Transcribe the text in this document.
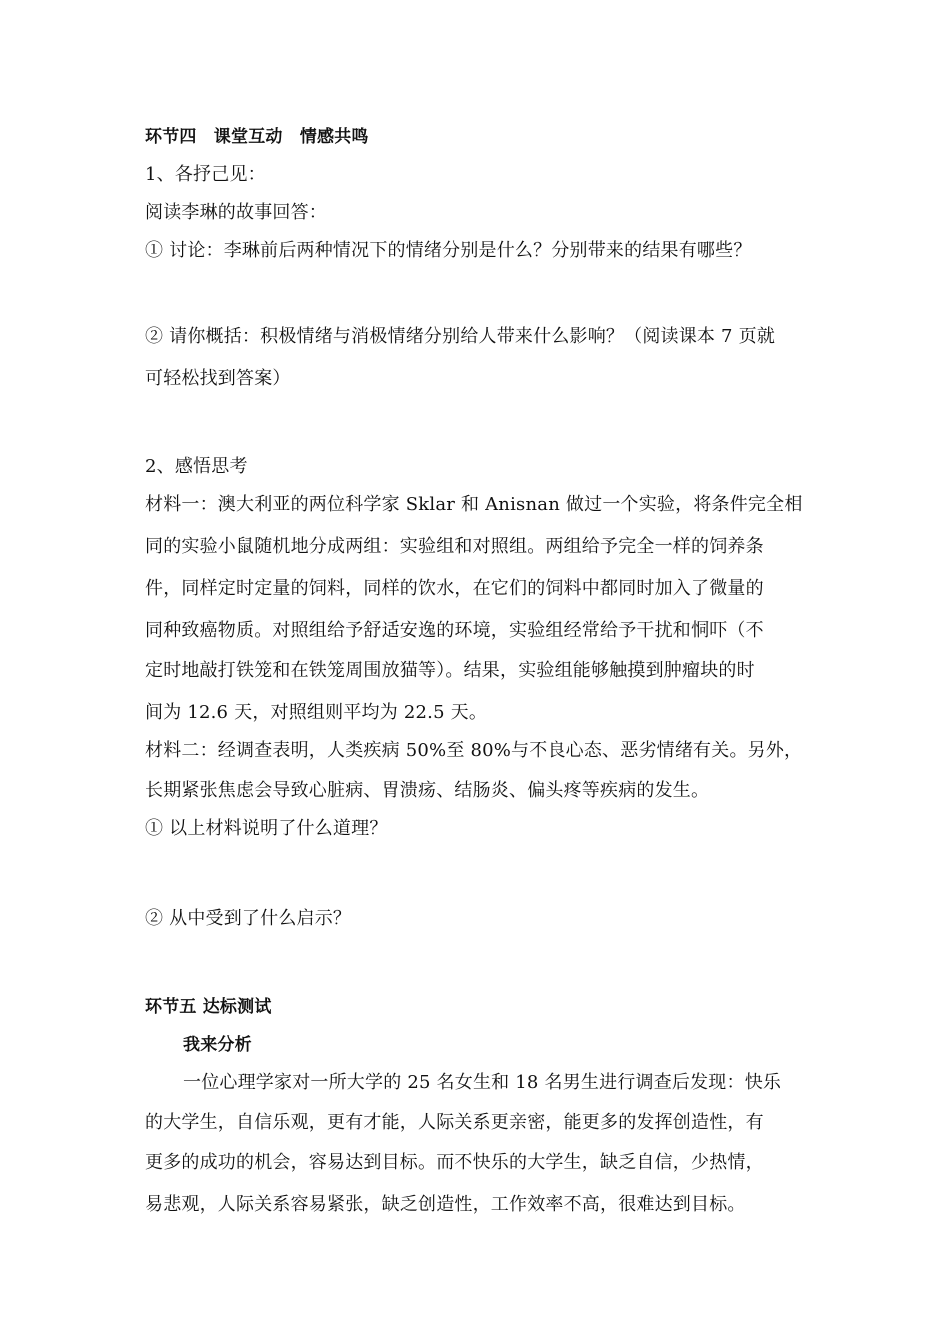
环节四　课堂互动　情感共鸣
1、各抒己见：
阅读李琳的故事回答：
① 讨论：李琳前后两种情况下的情绪分别是什么？分别带来的结果有哪些？
② 请你概括：积极情绪与消极情绪分别给人带来什么影响？（阅读课本 7 页就
可轻松找到答案）
2、感悟思考
材料一：澳大利亚的两位科学家 Sklar 和 Anisnan 做过一个实验，将条件完全相
同的实验小鼠随机地分成两组：实验组和对照组。两组给予完全一样的饲养条
件，同样定时定量的饲料，同样的饮水，在它们的饲料中都同时加入了微量的
同种致癌物质。对照组给予舒适安逸的环境，实验组经常给予干扰和恫吓（不
定时地敲打铁笼和在铁笼周围放猫等）。结果，实验组能够触摸到肿瘤块的时
间为 12.6 天，对照组则平均为 22.5 天。
材料二：经调查表明，人类疾病 50%至 80%与不良心态、恶劣情绪有关。另外，
长期紧张焦虑会导致心脏病、胃溃疡、结肠炎、偏头疼等疾病的发生。
① 以上材料说明了什么道理？
② 从中受到了什么启示？
环节五 达标测试
我来分析
一位心理学家对一所大学的 25 名女生和 18 名男生进行调查后发现：快乐
的大学生，自信乐观，更有才能，人际关系更亲密，能更多的发挥创造性，有
更多的成功的机会，容易达到目标。而不快乐的大学生，缺乏自信，少热情，
易悲观，人际关系容易紧张，缺乏创造性，工作效率不高，很难达到目标。
